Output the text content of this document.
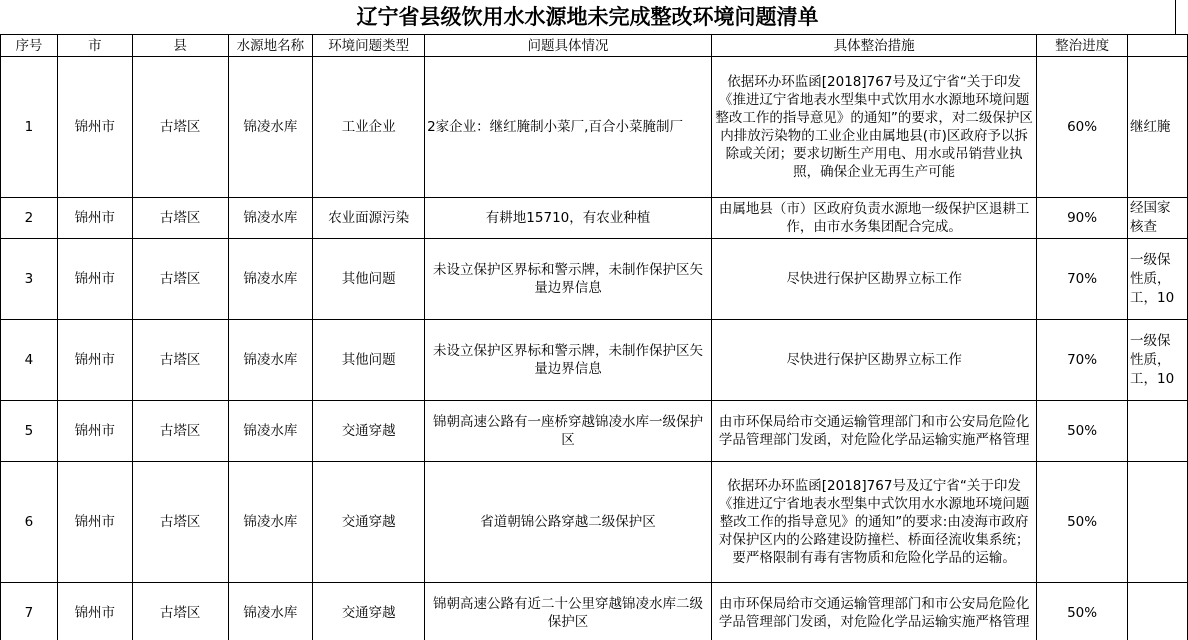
辽宁省县级饮用水水源地未完成整改环境问题清单
序号	市	县	水源地名称	环境问题类型	问题具体情况	具体整治措施	整治进度	
1	锦州市	古塔区	锦凌水库	工业企业	2家企业：继红腌制小菜厂,百合小菜腌制厂	依据环办环监函[2018]767号及辽宁省“关于印发《推进辽宁省地表水型集中式饮用水水源地环境问题整改工作的指导意见》的通知”的要求，对二级保护区内排放污染物的工业企业由属地县(市)区政府予以拆除或关闭；要求切断生产用电、用水或吊销营业执照，确保企业无再生产可能	60%	继红腌

2	锦州市	古塔区	锦凌水库	农业面源污染	有耕地15710，有农业种植	由属地县（市）区政府负责水源地一级保护区退耕工作，由市水务集团配合完成。	90%	经国家
核查

3	锦州市	古塔区	锦凌水库	其他问题	未设立保护区界标和警示牌，未制作保护区矢量边界信息	尽快进行保护区勘界立标工作	70%	一级保
性质，
工，10

4	锦州市	古塔区	锦凌水库	其他问题	未设立保护区界标和警示牌，未制作保护区矢量边界信息	尽快进行保护区勘界立标工作	70%	一级保
性质，
工，10

5	锦州市	古塔区	锦凌水库	交通穿越	锦朝高速公路有一座桥穿越锦凌水库一级保护区	由市环保局给市交通运输管理部门和市公安局危险化学品管理部门发函，对危险化学品运输实施严格管理	50%	
6	锦州市	古塔区	锦凌水库	交通穿越	省道朝锦公路穿越二级保护区	依据环办环监函[2018]767号及辽宁省“关于印发《推进辽宁省地表水型集中式饮用水水源地环境问题整改工作的指导意见》的通知”的要求:由凌海市政府对保护区内的公路建设防撞栏、桥面径流收集系统；要严格限制有毒有害物质和危险化学品的运输。	50%	
7	锦州市	古塔区	锦凌水库	交通穿越	锦朝高速公路有近二十公里穿越锦凌水库二级保护区	由市环保局给市交通运输管理部门和市公安局危险化学品管理部门发函，对危险化学品运输实施严格管理	50%	
